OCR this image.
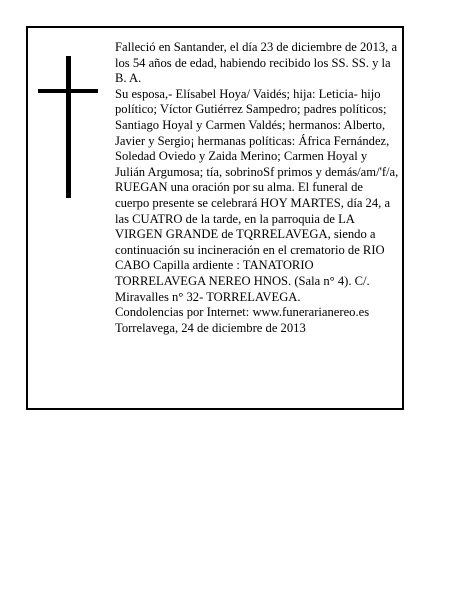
Falleció en Santander, el día 23 de diciembre de 2013, a
los 54 años de edad, habiendo recibido los SS. SS. y la
B. A.
Su esposa,- Elísabel Hoya/ Vaidés; hija: Leticia- hijo
político; Víctor Gutiérrez Sampedro; padres políticos;
Santiago Hoyal y Carmen Valdés; hermanos: Alberto,
Javier y Sergio¡ hermanas políticas: África Fernández,
Soledad Oviedo y Zaida Merino; Carmen Hoyal y
Julián Argumosa; tía, sobrinoSf primos y demás/am/'f/a,
RUEGAN una oración por su alma. El funeral de
cuerpo presente se celebrará HOY MARTES, día 24, a
las CUATRO de la tarde, en la parroquia de LA
VIRGEN GRANDE de TQRRELAVEGA, siendo a
continuación su incineración en el crematorio de RIO
CABO Capilla ardiente : TANATORIO
TORRELAVEGA NEREO HNOS. (Sala n° 4). C/.
Miravalles n° 32- TORRELAVEGA.
Condolencias por Internet: www.funerarianereo.es
Torrelavega, 24 de diciembre de 2013
